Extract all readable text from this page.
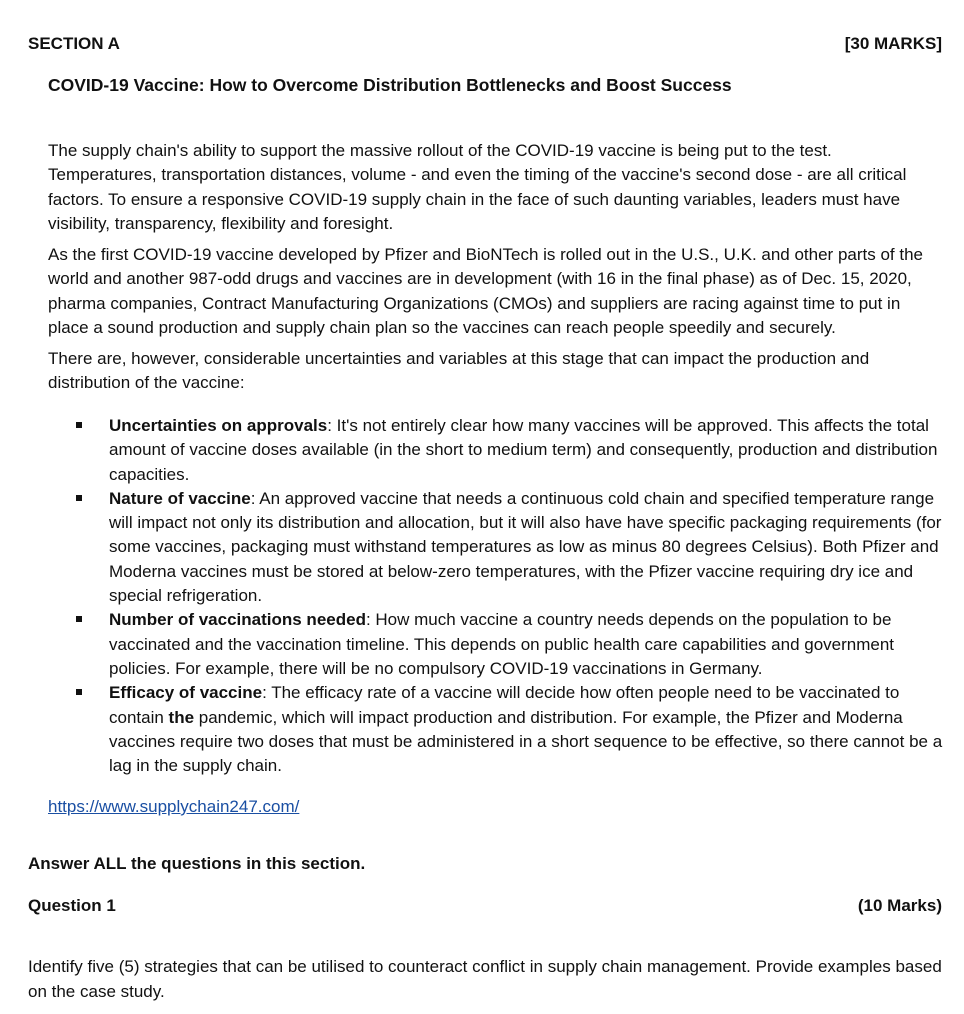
SECTION A	[30 MARKS]
COVID-19 Vaccine: How to Overcome Distribution Bottlenecks and Boost Success
The supply chain's ability to support the massive rollout of the COVID-19 vaccine is being put to the test. Temperatures, transportation distances, volume - and even the timing of the vaccine's second dose - are all critical factors. To ensure a responsive COVID-19 supply chain in the face of such daunting variables, leaders must have visibility, transparency, flexibility and foresight.
As the first COVID-19 vaccine developed by Pfizer and BioNTech is rolled out in the U.S., U.K. and other parts of the world and another 987-odd drugs and vaccines are in development (with 16 in the final phase) as of Dec. 15, 2020, pharma companies, Contract Manufacturing Organizations (CMOs) and suppliers are racing against time to put in place a sound production and supply chain plan so the vaccines can reach people speedily and securely.
There are, however, considerable uncertainties and variables at this stage that can impact the production and distribution of the vaccine:
Uncertainties on approvals: It's not entirely clear how many vaccines will be approved. This affects the total amount of vaccine doses available (in the short to medium term) and consequently, production and distribution capacities.
Nature of vaccine: An approved vaccine that needs a continuous cold chain and specified temperature range will impact not only its distribution and allocation, but it will also have have specific packaging requirements (for some vaccines, packaging must withstand temperatures as low as minus 80 degrees Celsius). Both Pfizer and Moderna vaccines must be stored at below-zero temperatures, with the Pfizer vaccine requiring dry ice and special refrigeration.
Number of vaccinations needed: How much vaccine a country needs depends on the population to be vaccinated and the vaccination timeline. This depends on public health care capabilities and government policies. For example, there will be no compulsory COVID-19 vaccinations in Germany.
Efficacy of vaccine: The efficacy rate of a vaccine will decide how often people need to be vaccinated to contain the pandemic, which will impact production and distribution. For example, the Pfizer and Moderna vaccines require two doses that must be administered in a short sequence to be effective, so there cannot be a lag in the supply chain.
https://www.supplychain247.com/
Answer ALL the questions in this section.
Question 1	(10 Marks)
Identify five (5) strategies that can be utilised to counteract conflict in supply chain management. Provide examples based on the case study.
